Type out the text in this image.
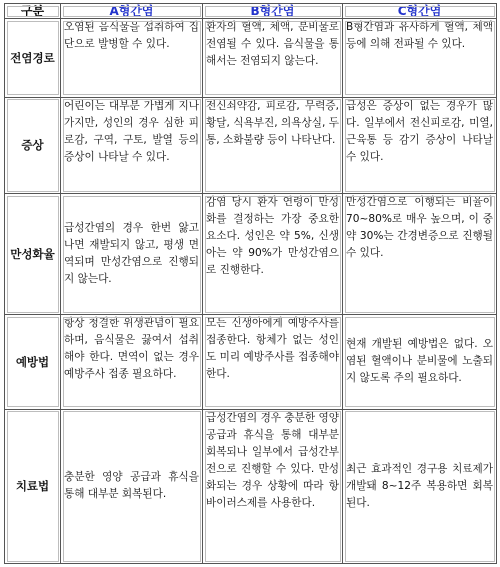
구분	A형간염	B형간염	C형간염
전염경로	오염된 음식물을 섭취하여 집단으로 발병할 수 있다.	환자의 혈액, 체액, 분비물로 전염될 수 있다. 음식물을 통해서는 전염되지 않는다.	B형간염과 유사하게 혈액, 체액 등에 의해 전파될 수 있다.
증상	어린이는 대부분 가볍게 지나가지만, 성인의 경우 심한 피로감, 구역, 구토, 발열 등의 증상이 나타날 수 있다.	전신쇠약감, 피로감, 무력증, 황달, 식욕부진, 의욕상실, 두통, 소화불량 등이 나타난다.	급성은 증상이 없는 경우가 많다. 일부에서 전신피로감, 미열, 근육통 등 감기 증상이 나타날 수 있다.
만성화율	급성간염의 경우 한번 앓고 나면 재발되지 않고, 평생 면역되며 만성간염으로 진행되지 않는다.	감염 당시 환자 연령이 만성화를 결정하는 가장 중요한 요소다. 성인은 약 5%, 신생아는 약 90%가 만성간염으로 진행한다.	만성간염으로 이행되는 비율이 70~80%로 매우 높으며, 이 중 약 30%는 간경변증으로 진행될 수 있다.
예방법	항상 청결한 위생관념이 필요하며, 음식물은 끓여서 섭취해야 한다. 면역이 없는 경우 예방주사 접종 필요하다.	모든 신생아에게 예방주사를 접종한다. 항체가 없는 성인도 미리 예방주사를 접종해야 한다.	현재 개발된 예방법은 없다. 오염된 혈액이나 분비물에 노출되지 않도록 주의 필요하다.
치료법	충분한 영양 공급과 휴식을 통해 대부분 회복된다.	급성간염의 경우 충분한 영양 공급과 휴식을 통해 대부분 회복되나 일부에서 급성간부전으로 진행할 수 있다. 만성화되는 경우 상황에 따라 항바이러스제를 사용한다.	최근 효과적인 경구용 치료제가 개발돼 8~12주 복용하면 회복된다.
